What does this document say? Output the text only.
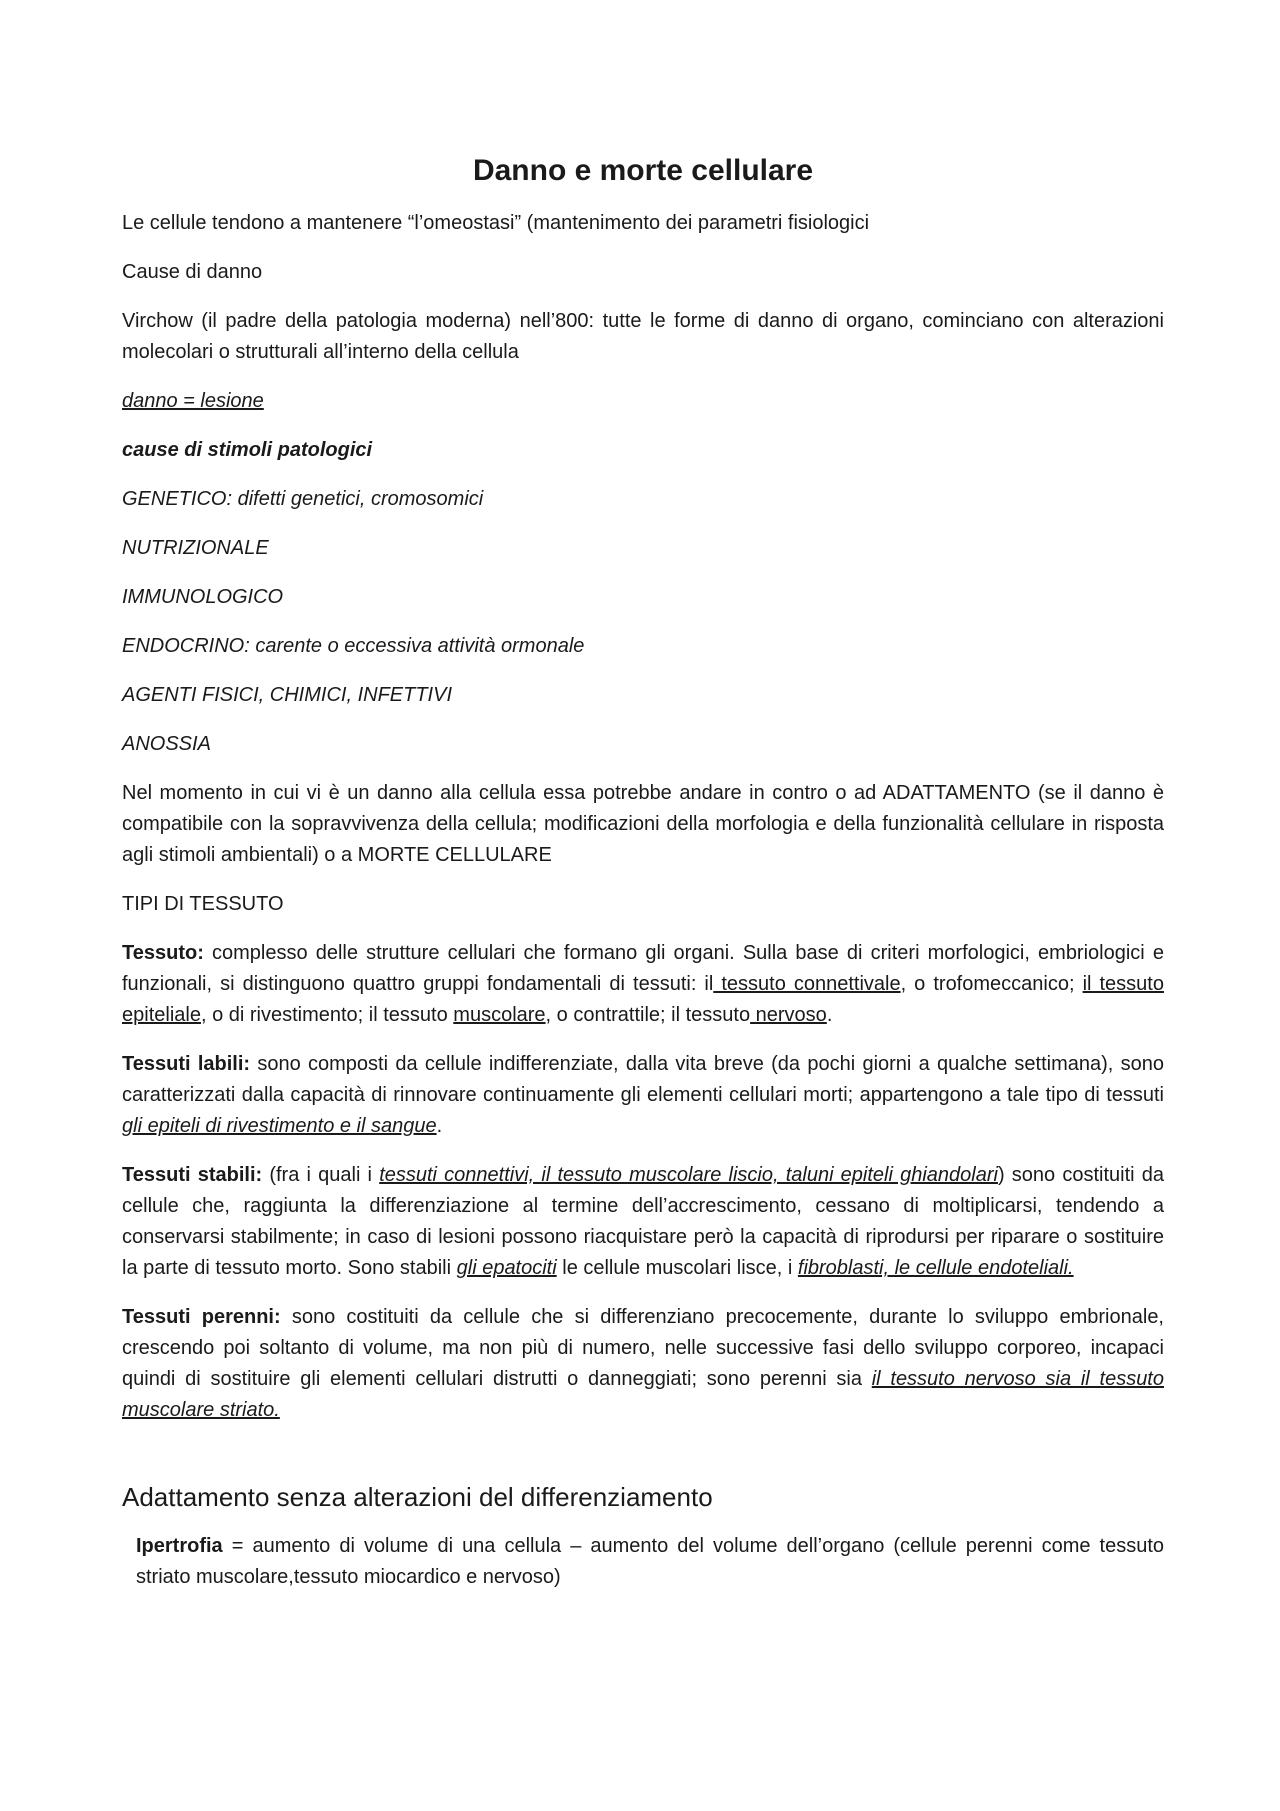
Danno e morte cellulare

Le cellule tendono a mantenere “l’omeostasi” (mantenimento dei parametri fisiologici

Cause di danno

Virchow (il padre della patologia moderna) nell’800: tutte le forme di danno di organo, cominciano con alterazioni molecolari o strutturali all’interno della cellula

danno = lesione

cause di stimoli patologici

GENETICO: difetti genetici, cromosomici

NUTRIZIONALE

IMMUNOLOGICO

ENDOCRINO: carente o eccessiva attività ormonale

AGENTI FISICI, CHIMICI, INFETTIVI

ANOSSIA

Nel momento in cui vi è un danno alla cellula essa potrebbe andare in contro o ad ADATTAMENTO (se il danno è compatibile con la sopravvivenza della cellula; modificazioni della morfologia e della funzionalità cellulare in risposta agli stimoli ambientali) o a MORTE CELLULARE

TIPI DI TESSUTO

Tessuto: complesso delle strutture cellulari che formano gli organi. Sulla base di criteri morfologici, embriologici e funzionali, si distinguono quattro gruppi fondamentali di tessuti: il tessuto connettivale, o trofomeccanico; il tessuto epiteliale, o di rivestimento; il tessuto muscolare, o contrattile; il tessuto nervoso.

Tessuti labili: sono composti da cellule indifferenziate, dalla vita breve (da pochi giorni a qualche settimana), sono caratterizzati dalla capacità di rinnovare continuamente gli elementi cellulari morti; appartengono a tale tipo di tessuti gli epiteli di rivestimento e il sangue.

Tessuti stabili: (fra i quali i tessuti connettivi, il tessuto muscolare liscio, taluni epiteli ghiandolari) sono costituiti da cellule che, raggiunta la differenziazione al termine dell’accrescimento, cessano di moltiplicarsi, tendendo a conservarsi stabilmente; in caso di lesioni possono riacquistare però la capacità di riprodursi per riparare o sostituire la parte di tessuto morto. Sono stabili gli epatociti le cellule muscolari lisce, i fibroblasti, le cellule endoteliali.

Tessuti perenni: sono costituiti da cellule che si differenziano precocemente, durante lo sviluppo embrionale, crescendo poi soltanto di volume, ma non più di numero, nelle successive fasi dello sviluppo corporeo, incapaci quindi di sostituire gli elementi cellulari distrutti o danneggiati; sono perenni sia il tessuto nervoso sia il tessuto muscolare striato.

Adattamento senza alterazioni del differenziamento

Ipertrofia = aumento di volume di una cellula – aumento del volume dell’organo (cellule perenni come tessuto striato muscolare,tessuto miocardico e nervoso)
